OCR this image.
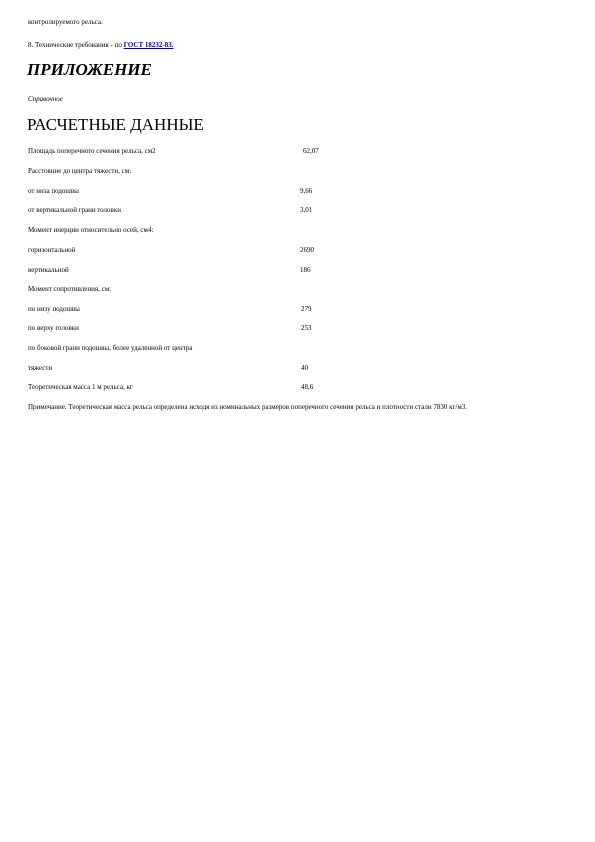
контролируемого рельса.
8. Технические требования - по ГОСТ 18232-83.
ПРИЛОЖЕНИЕ
Справочное
РАСЧЕТНЫЕ ДАННЫЕ
Площадь поперечного сечения рельса, см2	62,07
Расстояние до центра тяжести, см:
от низа подошвы	9,66
от вертикальной грани головки	3,01
Момент инерции относительно осей, см4:
горизонтальной	2690
вертикальной	186
Момент сопротивления, см:
по низу подошвы	279
по верху головки	253
по боковой грани подошвы, более удаленной от центра
тяжести	40
Теоретическая масса 1 м рельса, кг	48,6
Примечание. Теоретическая масса рельса определена исходя из номинальных размеров поперечного сечения рельса и плотности стали 7830 кг/м3.
